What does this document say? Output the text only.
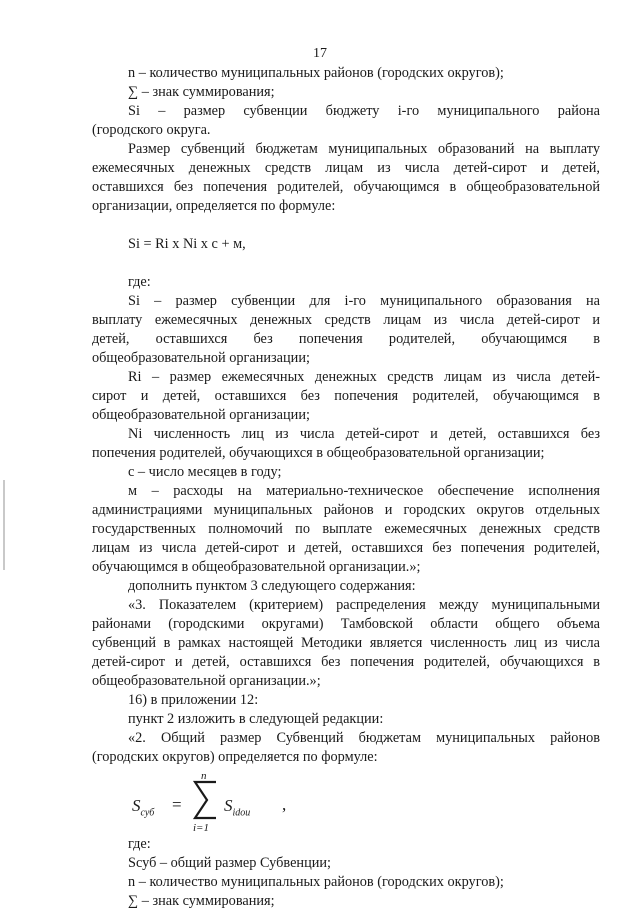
17
n – количество муниципальных районов (городских округов);
∑ – знак суммирования;
Si – размер субвенции бюджету i-го муниципального района
(городского округа.
Размер субвенций бюджетам муниципальных образований на выплату
ежемесячных денежных средств лицам из числа детей-сирот и детей,
оставшихся без попечения родителей, обучающимся в общеобразовательной
организации, определяется по формуле:
Si = Ri x Ni x c + м,
где:
Si – размер субвенции для i-го муниципального образования на
выплату ежемесячных денежных средств лицам из числа детей-сирот и
детей, оставшихся без попечения родителей, обучающимся в
общеобразовательной организации;
Ri – размер ежемесячных денежных средств лицам из числа детей-
сирот и детей, оставшихся без попечения родителей, обучающимся в
общеобразовательной организации;
Ni численность лиц из числа детей-сирот и детей, оставшихся без
попечения родителей, обучающихся в общеобразовательной организации;
с – число месяцев в году;
м – расходы на материально-техническое обеспечение исполнения
администрациями муниципальных районов и городских округов отдельных
государственных полномочий по выплате ежемесячных денежных средств
лицам из числа детей-сирот и детей, оставшихся без попечения родителей,
обучающимся в общеобразовательной организации.»;
дополнить пунктом 3 следующего содержания:
«3. Показателем (критерием) распределения между муниципальными
районами (городскими округами) Тамбовской области общего объема
субвенций в рамках настоящей Методики является численность лиц из числа
детей-сирот и детей, оставшихся без попечения родителей, обучающихся в
общеобразовательной организации.»;
16) в приложении 12:
пункт 2 изложить в следующей редакции:
«2. Общий размер Субвенций бюджетам муниципальных районов
(городских округов) определяется по формуле:
$S_{суб}$ =
n
i=1
$S_{idou}$ ,
где:
Sсуб – общий размер Субвенции;
n – количество муниципальных районов (городских округов);
∑ – знак суммирования;
